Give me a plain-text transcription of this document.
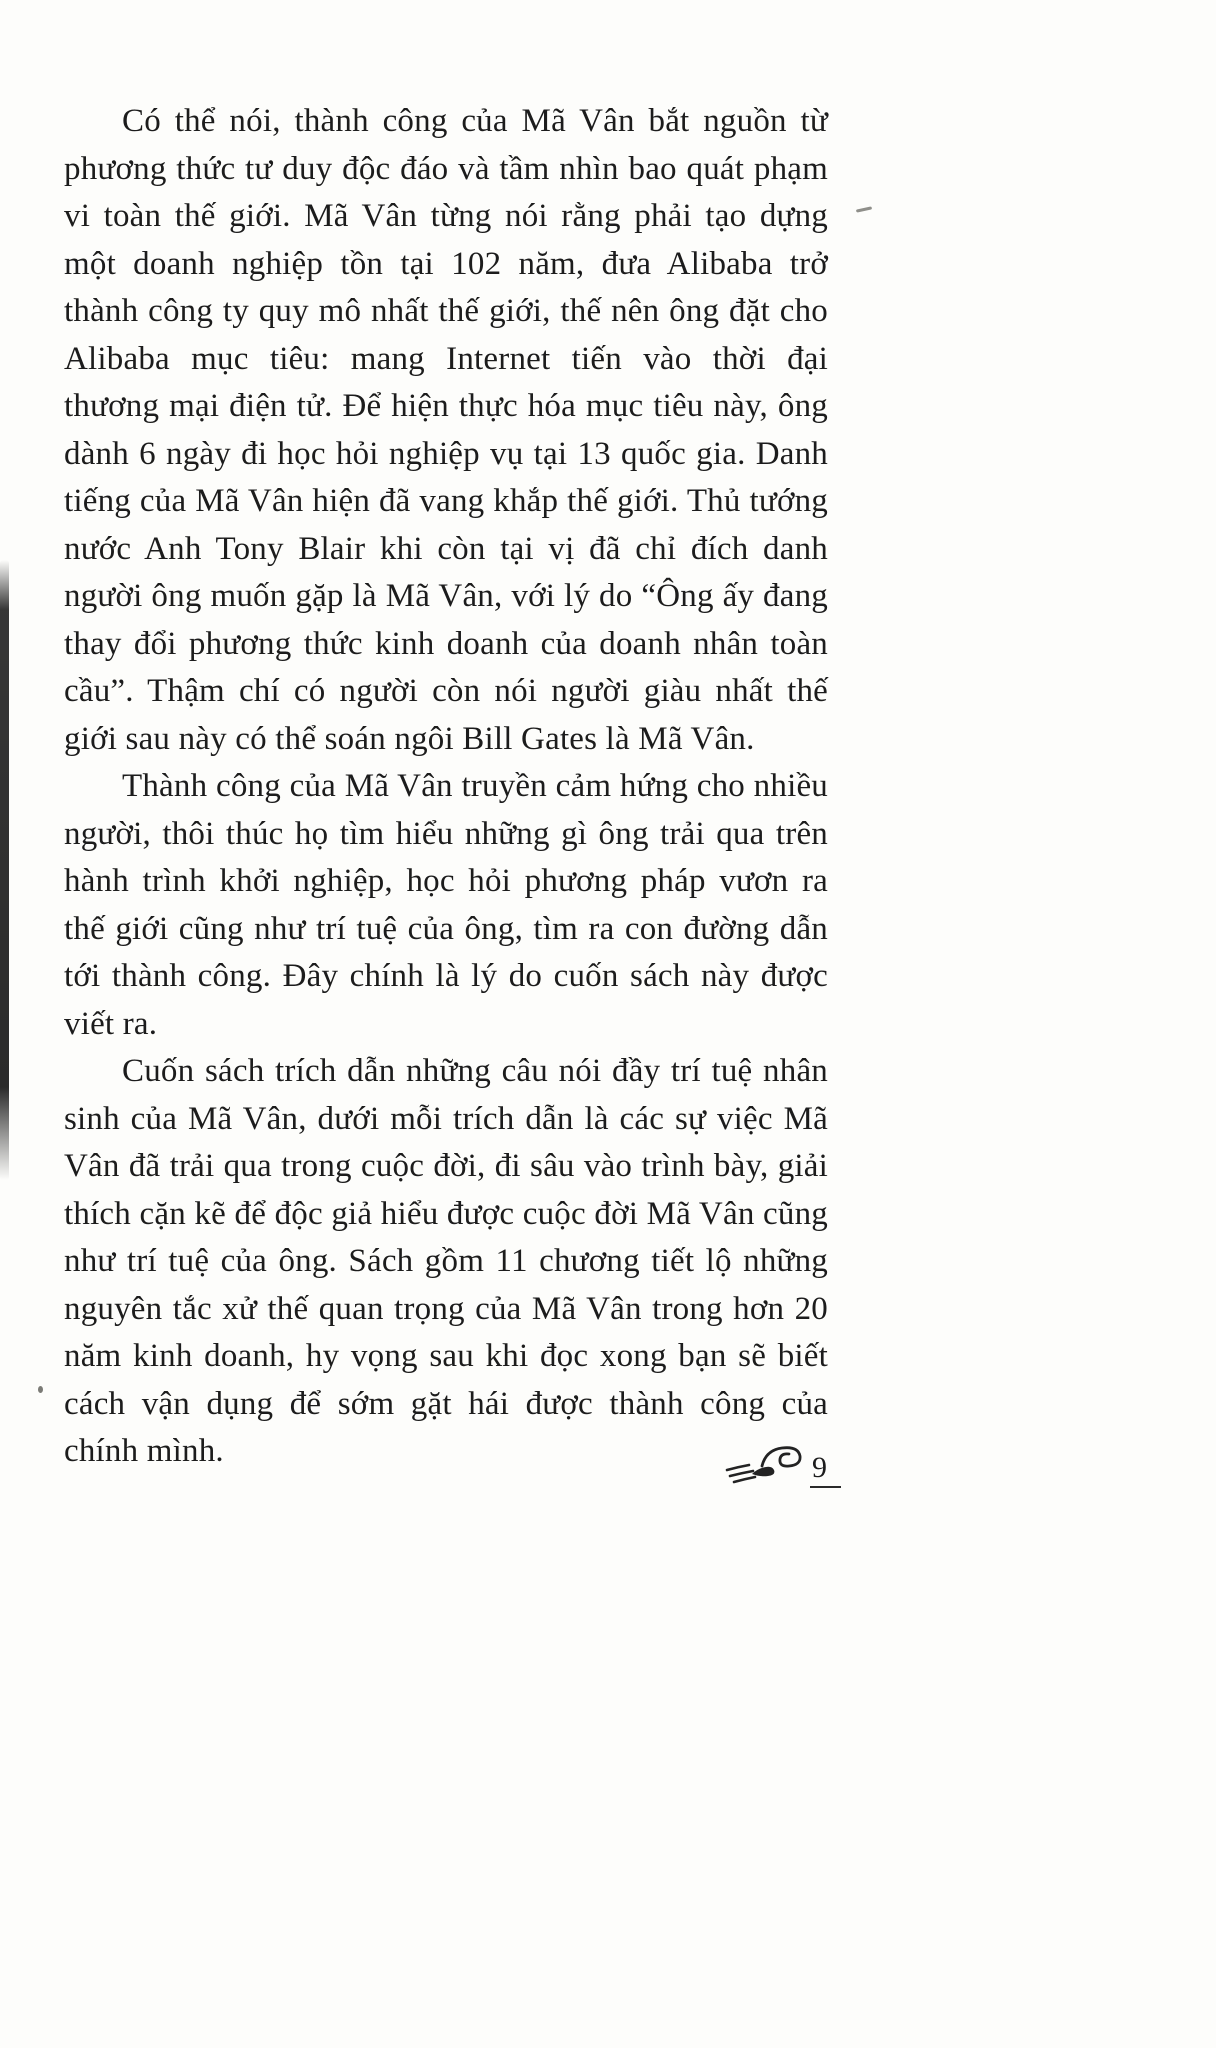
Có thể nói, thành công của Mã Vân bắt nguồn từ phương thức tư duy độc đáo và tầm nhìn bao quát phạm vi toàn thế giới. Mã Vân từng nói rằng phải tạo dựng một doanh nghiệp tồn tại 102 năm, đưa Alibaba trở thành công ty quy mô nhất thế giới, thế nên ông đặt cho Alibaba mục tiêu: mang Internet tiến vào thời đại thương mại điện tử. Để hiện thực hóa mục tiêu này, ông dành 6 ngày đi học hỏi nghiệp vụ tại 13 quốc gia. Danh tiếng của Mã Vân hiện đã vang khắp thế giới. Thủ tướng nước Anh Tony Blair khi còn tại vị đã chỉ đích danh người ông muốn gặp là Mã Vân, với lý do “Ông ấy đang thay đổi phương thức kinh doanh của doanh nhân toàn cầu”. Thậm chí có người còn nói người giàu nhất thế giới sau này có thể soán ngôi Bill Gates là Mã Vân.

Thành công của Mã Vân truyền cảm hứng cho nhiều người, thôi thúc họ tìm hiểu những gì ông trải qua trên hành trình khởi nghiệp, học hỏi phương pháp vươn ra thế giới cũng như trí tuệ của ông, tìm ra con đường dẫn tới thành công. Đây chính là lý do cuốn sách này được viết ra.

Cuốn sách trích dẫn những câu nói đầy trí tuệ nhân sinh của Mã Vân, dưới mỗi trích dẫn là các sự việc Mã Vân đã trải qua trong cuộc đời, đi sâu vào trình bày, giải thích cặn kẽ để độc giả hiểu được cuộc đời Mã Vân cũng như trí tuệ của ông. Sách gồm 11 chương tiết lộ những nguyên tắc xử thế quan trọng của Mã Vân trong hơn 20 năm kinh doanh, hy vọng sau khi đọc xong bạn sẽ biết cách vận dụng để sớm gặt hái được thành công của chính mình.	9
